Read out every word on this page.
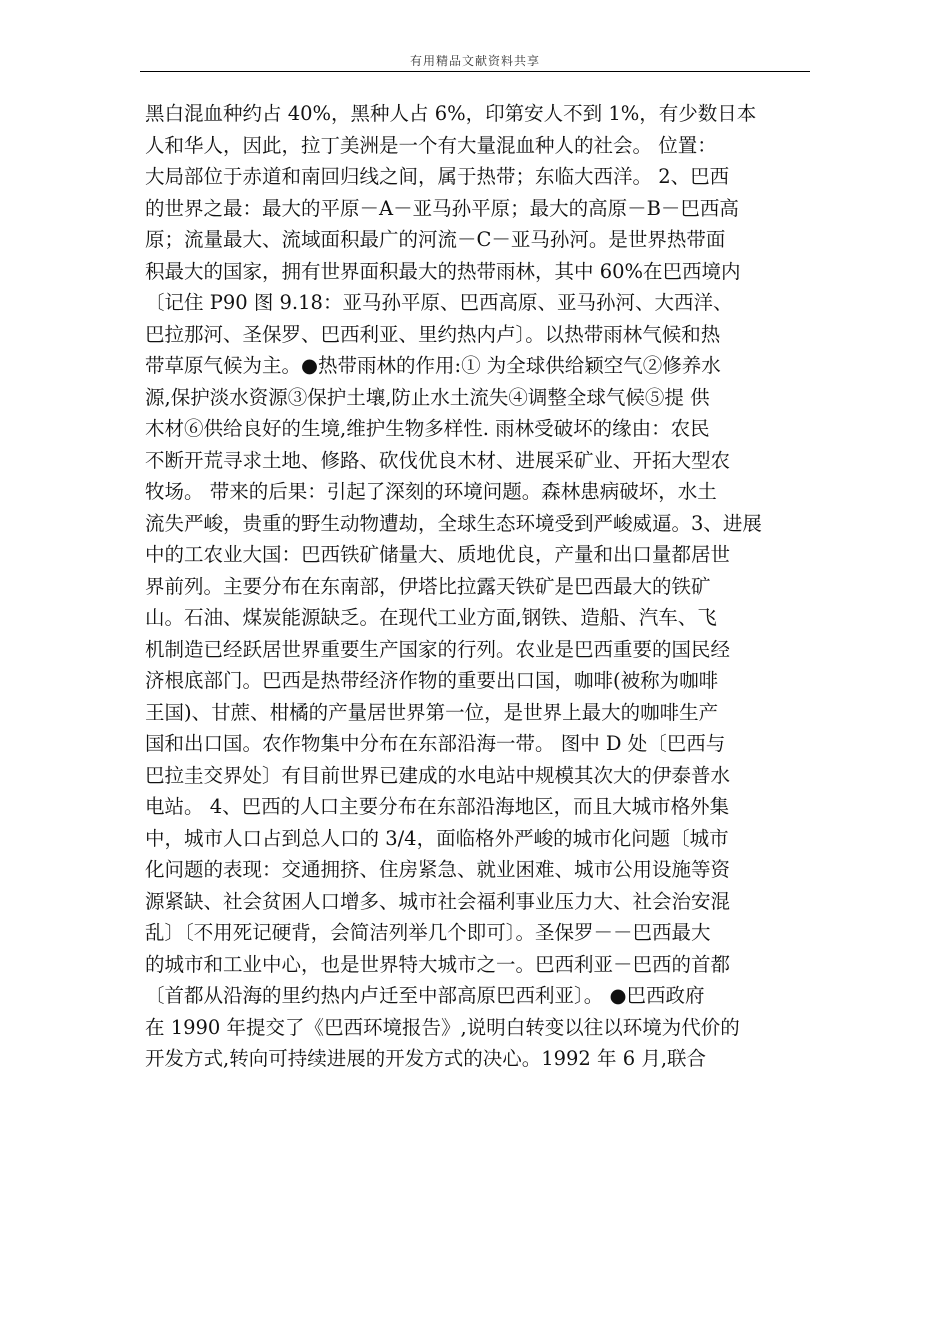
有用精品文献资料共享
黑白混血种约占 40%，黑种人占 6%，印第安人不到 1%，有少数日本
人和华人，因此，拉丁美洲是一个有大量混血种人的社会。 位置：
大局部位于赤道和南回归线之间，属于热带；东临大西洋。 2、巴西
的世界之最：最大的平原－A－亚马孙平原；最大的高原－B－巴西高
原；流量最大、流域面积最广的河流－C－亚马孙河。是世界热带面
积最大的国家，拥有世界面积最大的热带雨林，其中 60%在巴西境内
〔记住 P90 图 9.18：亚马孙平原、巴西高原、亚马孙河、大西洋、
巴拉那河、圣保罗、巴西利亚、里约热内卢〕。以热带雨林气候和热
带草原气候为主。●热带雨林的作用:① 为全球供给颖空气②修养水
源,保护淡水资源③保护土壤,防止水土流失④调整全球气候⑤提 供
木材⑥供给良好的生境,维护生物多样性. 雨林受破坏的缘由：农民
不断开荒寻求土地、修路、砍伐优良木材、进展采矿业、开拓大型农
牧场。 带来的后果：引起了深刻的环境问题。森林患病破坏，水土
流失严峻，贵重的野生动物遭劫，全球生态环境受到严峻威逼。3、进展
中的工农业大国：巴西铁矿储量大、质地优良，产量和出口量都居世
界前列。主要分布在东南部，伊塔比拉露天铁矿是巴西最大的铁矿
山。石油、煤炭能源缺乏。在现代工业方面,钢铁、造船、汽车、飞
机制造已经跃居世界重要生产国家的行列。农业是巴西重要的国民经
济根底部门。巴西是热带经济作物的重要出口国，咖啡(被称为咖啡
王国)、甘蔗、柑橘的产量居世界第一位，是世界上最大的咖啡生产
国和出口国。农作物集中分布在东部沿海一带。 图中 D 处〔巴西与
巴拉圭交界处〕有目前世界已建成的水电站中规模其次大的伊泰普水
电站。 4、巴西的人口主要分布在东部沿海地区，而且大城市格外集
中，城市人口占到总人口的 3/4，面临格外严峻的城市化问题〔城市
化问题的表现：交通拥挤、住房紧急、就业困难、城市公用设施等资
源紧缺、社会贫困人口增多、城市社会福利事业压力大、社会治安混
乱〕〔不用死记硬背，会简洁列举几个即可〕。圣保罗－－巴西最大
的城市和工业中心，也是世界特大城市之一。巴西利亚－巴西的首都
〔首都从沿海的里约热内卢迁至中部高原巴西利亚〕。 ●巴西政府
在 1990 年提交了《巴西环境报告》,说明白转变以往以环境为代价的
开发方式,转向可持续进展的开发方式的决心。1992 年 6 月,联合
